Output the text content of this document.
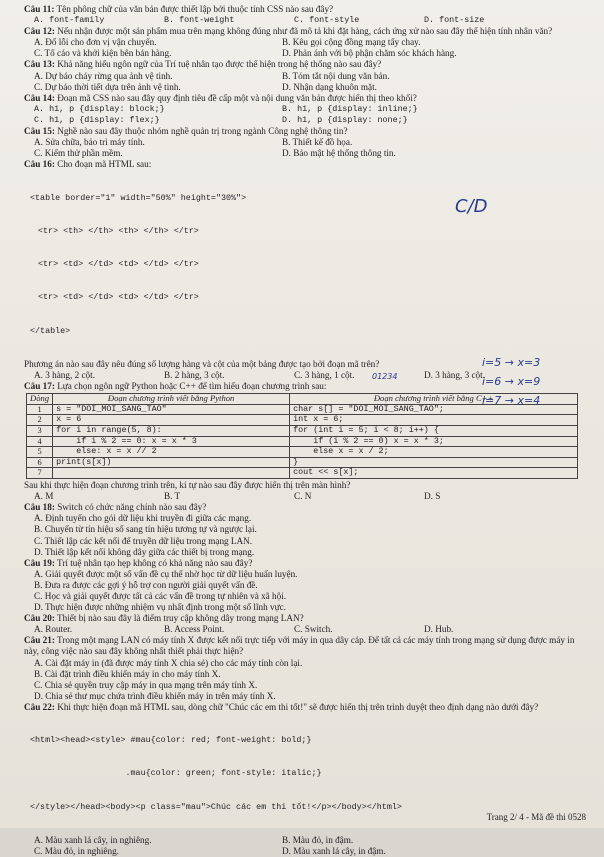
Câu 11: Tên phông chữ của văn bản được thiết lập bởi thuộc tính CSS nào sau đây?
A. font-family	B. font-weight	C. font-style	D. font-size
Câu 12: Nếu nhận được một sản phẩm mua trên mạng không đúng như đã mô tả khi đặt hàng, cách ứng xử nào sau đây thể hiện tính nhân văn?
A. Đổ lỗi cho đơn vị vận chuyển.	B. Kêu gọi cộng đồng mạng tẩy chay.
C. Tố cáo và khởi kiện bên bán hàng.	D. Phản ánh với bộ phận chăm sóc khách hàng.
Câu 13: Khả năng hiểu ngôn ngữ của Trí tuệ nhân tạo được thể hiện trong hệ thống nào sau đây?
A. Dự báo cháy rừng qua ảnh vệ tinh.	B. Tóm tắt nội dung văn bản.
C. Dự báo thời tiết dựa trên ảnh vệ tinh.	D. Nhận dạng khuôn mặt.
Câu 14: Đoạn mã CSS nào sau đây quy định tiêu đề cấp một và nội dung văn bản được hiển thị theo khối?
A. h1, p {display: block;}	B. h1, p {display: inline;}
C. h1, p {display: flex;}	D. h1, p {display: none;}
Câu 15: Nghề nào sau đây thuộc nhóm nghề quản trị trong ngành Công nghệ thông tin?
A. Sửa chữa, bảo trì máy tính.	B. Thiết kế đồ họa.
C. Kiểm thử phần mềm.	D. Bảo mật hệ thống thông tin.
Câu 16: Cho đoạn mã HTML sau:

<table border="1" width="50%" height="30%">

<tr> <th> </th> <th> </th> </tr>

<tr> <td> </td> <td> </td> </tr>

<tr> <td> </td> <td> </td> </tr>

</table>

Phương án nào sau đây nêu đúng số lượng hàng và cột của một bảng được tạo bởi đoạn mã trên?
A. 3 hàng, 2 cột.	B. 2 hàng, 3 cột.	C. 3 hàng, 1 cột.	D. 3 hàng, 3 cột.
Câu 17: Lựa chọn ngôn ngữ Python hoặc C++ để tìm hiểu đoạn chương trình sau:
Dòng	Đoạn chương trình viết bằng Python	Đoạn chương trình viết bằng C++
1	s = "DOI_MOI_SANG_TAO"	char s[] = "DOI_MOI_SANG_TAO";
2	x = 6	int x = 6;
3	for i in range(5, 8):	for (int i = 5; i < 8; i++) {
4	if i % 2 == 0: x = x * 3	if (i % 2 == 0) x = x * 3;
5	else: x = x // 2	else x = x / 2;
6	print(s[x])	}
7		cout << s[x];
Sau khi thực hiện đoạn chương trình trên, kí tự nào sau đây được hiển thị trên màn hình?
A. M	B. T	C. N	D. S
Câu 18: Switch có chức năng chính nào sau đây?
A. Định tuyến cho gói dữ liệu khi truyền đi giữa các mạng.
B. Chuyển từ tín hiệu số sang tín hiệu tương tự và ngược lại.
C. Thiết lập các kết nối để truyền dữ liệu trong mạng LAN.
D. Thiết lập kết nối không dây giữa các thiết bị trong mạng.
Câu 19: Trí tuệ nhân tạo hẹp không có khả năng nào sau đây?
A. Giải quyết được một số vấn đề cụ thể nhờ học từ dữ liệu huấn luyện.
B. Đưa ra được các gợi ý hỗ trợ con người giải quyết vấn đề.
C. Học và giải quyết được tất cả các vấn đề trong tự nhiên và xã hội.
D. Thực hiện được những nhiệm vụ nhất định trong một số lĩnh vực.
Câu 20: Thiết bị nào sau đây là điểm truy cập không dây trong mạng LAN?
A. Router.	B. Access Point.	C. Switch.	D. Hub.
Câu 21: Trong một mạng LAN có máy tính X được kết nối trực tiếp với máy in qua dây cáp. Để tất cả các máy tính trong mạng sử dụng được máy in này, công việc nào sau đây không nhất thiết phải thực hiện?
A. Cài đặt máy in (đã được máy tính X chia sẻ) cho các máy tính còn lại.
B. Cài đặt trình điều khiển máy in cho máy tính X.
C. Chia sẻ quyền truy cập máy in qua mạng trên máy tính X.
D. Chia sẻ thư mục chứa trình điều khiển máy in trên máy tính X.
Câu 22: Khi thực hiện đoạn mã HTML sau, dòng chữ "Chúc các em thi tốt!" sẽ được hiển thị trên trình duyệt theo định dạng nào dưới đây?

<html><head><style> #mau{color: red; font-weight: bold;}

.mau{color: green; font-style: italic;}

</style></head><body><p class="mau">Chúc các em thi tốt!</p></body></html>

A. Màu xanh lá cây, in nghiêng.	B. Màu đỏ, in đậm.
C. Màu đỏ, in nghiêng.	D. Màu xanh lá cây, in đậm.
C/D
01234
i=5 → x=3
i=6 → x=9
i=7 → x=4
Trang 2/ 4 - Mã đề thi 0528
